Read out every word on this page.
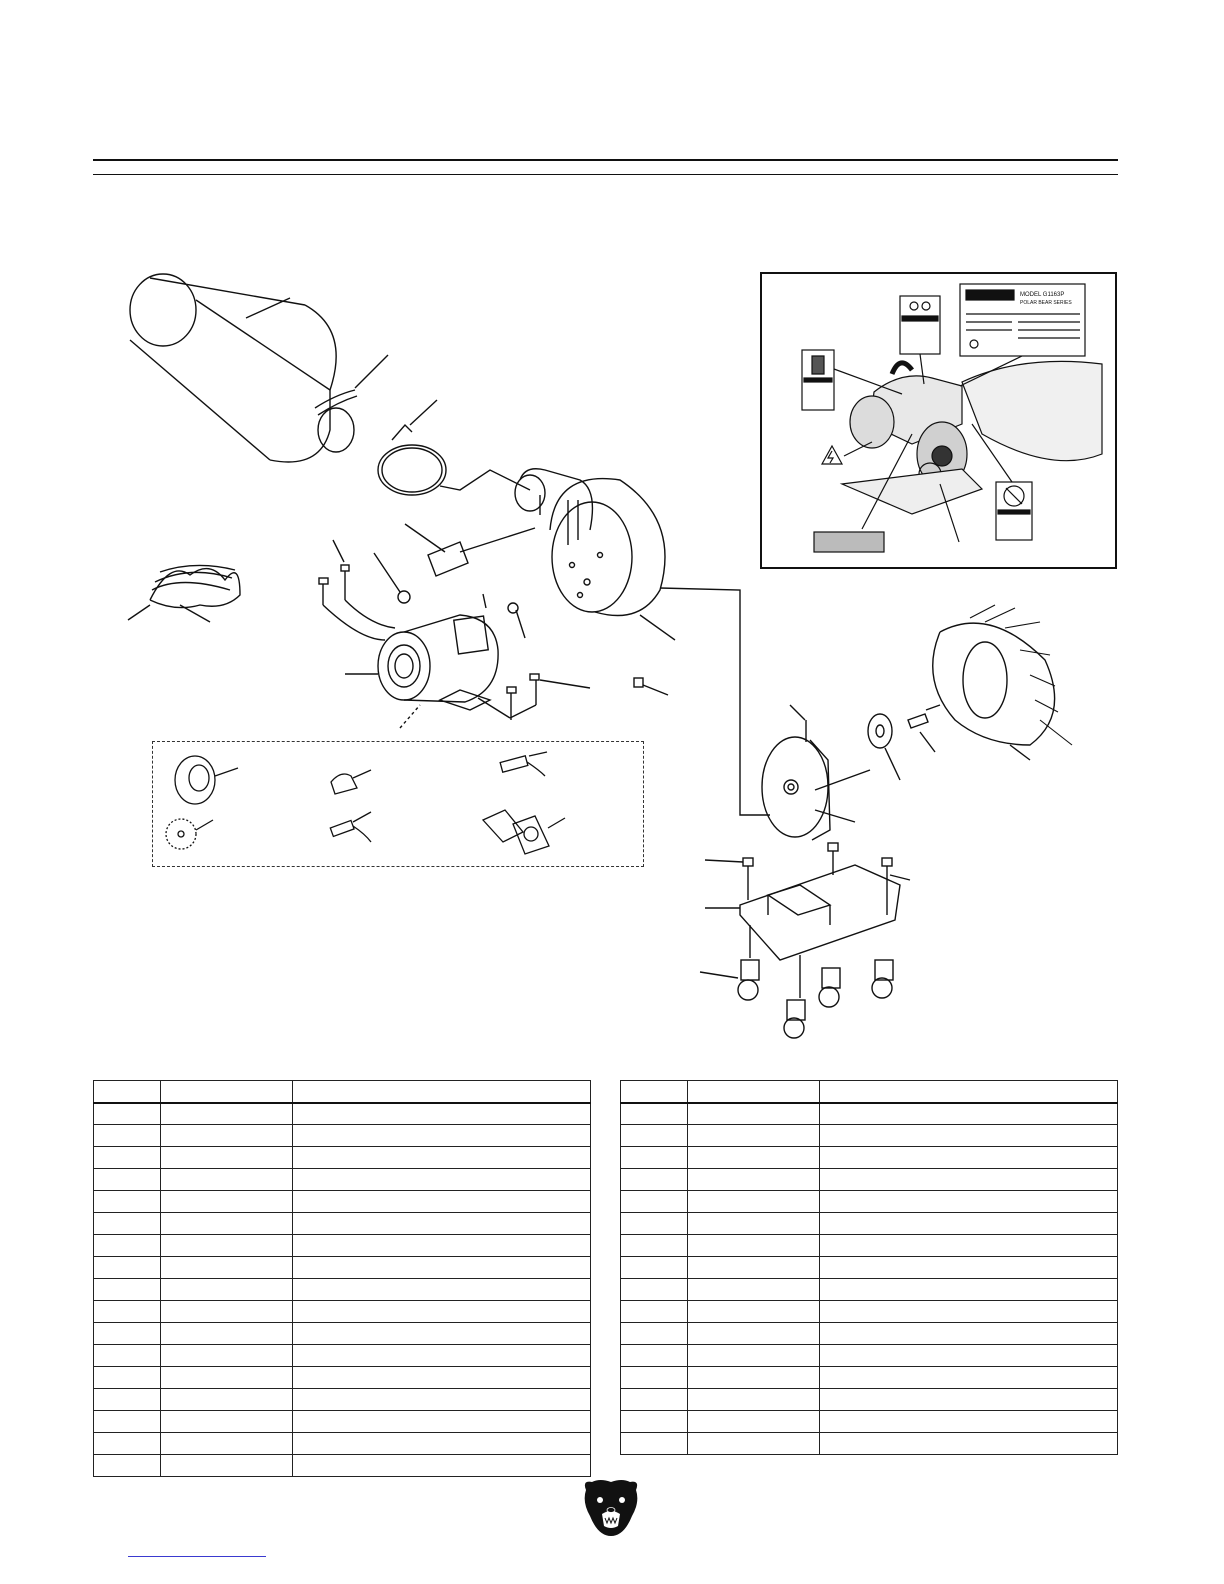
MODEL G1163P
POLAR BEAR SERIES
